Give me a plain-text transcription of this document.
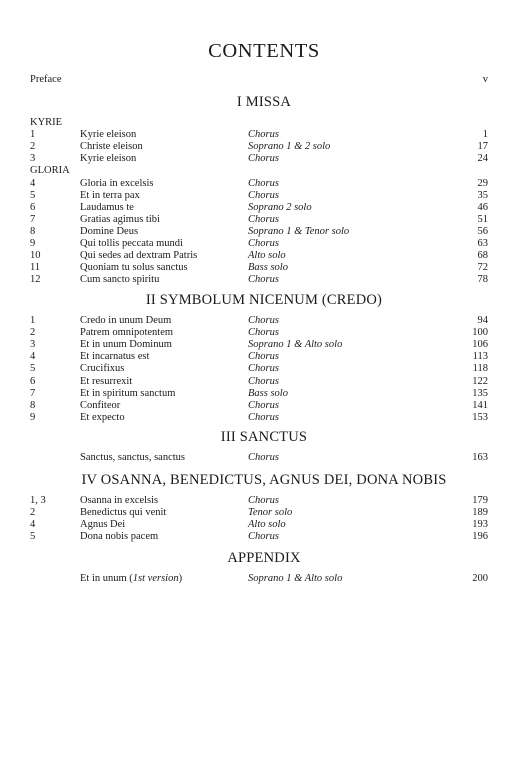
CONTENTS
Preface	v
I MISSA
KYRIE
1	Kyrie eleison	Chorus	1
2	Christe eleison	Soprano 1 & 2 solo	17
3	Kyrie eleison	Chorus	24
GLORIA
4	Gloria in excelsis	Chorus	29
5	Et in terra pax	Chorus	35
6	Laudamus te	Soprano 2 solo	46
7	Gratias agimus tibi	Chorus	51
8	Domine Deus	Soprano 1 & Tenor solo	56
9	Qui tollis peccata mundi	Chorus	63
10	Qui sedes ad dextram Patris	Alto solo	68
11	Quoniam tu solus sanctus	Bass solo	72
12	Cum sancto spiritu	Chorus	78
II SYMBOLUM NICENUM (CREDO)
1	Credo in unum Deum	Chorus	94
2	Patrem omnipotentem	Chorus	100
3	Et in unum Dominum	Soprano 1 & Alto solo	106
4	Et incarnatus est	Chorus	113
5	Crucifixus	Chorus	118
6	Et resurrexit	Chorus	122
7	Et in spiritum sanctum	Bass solo	135
8	Confiteor	Chorus	141
9	Et expecto	Chorus	153
III SANCTUS
Sanctus, sanctus, sanctus	Chorus	163
IV OSANNA, BENEDICTUS, AGNUS DEI, DONA NOBIS
1, 3	Osanna in excelsis	Chorus	179
2	Benedictus qui venit	Tenor solo	189
4	Agnus Dei	Alto solo	193
5	Dona nobis pacem	Chorus	196
APPENDIX
Et in unum (1st version)	Soprano 1 & Alto solo	200
